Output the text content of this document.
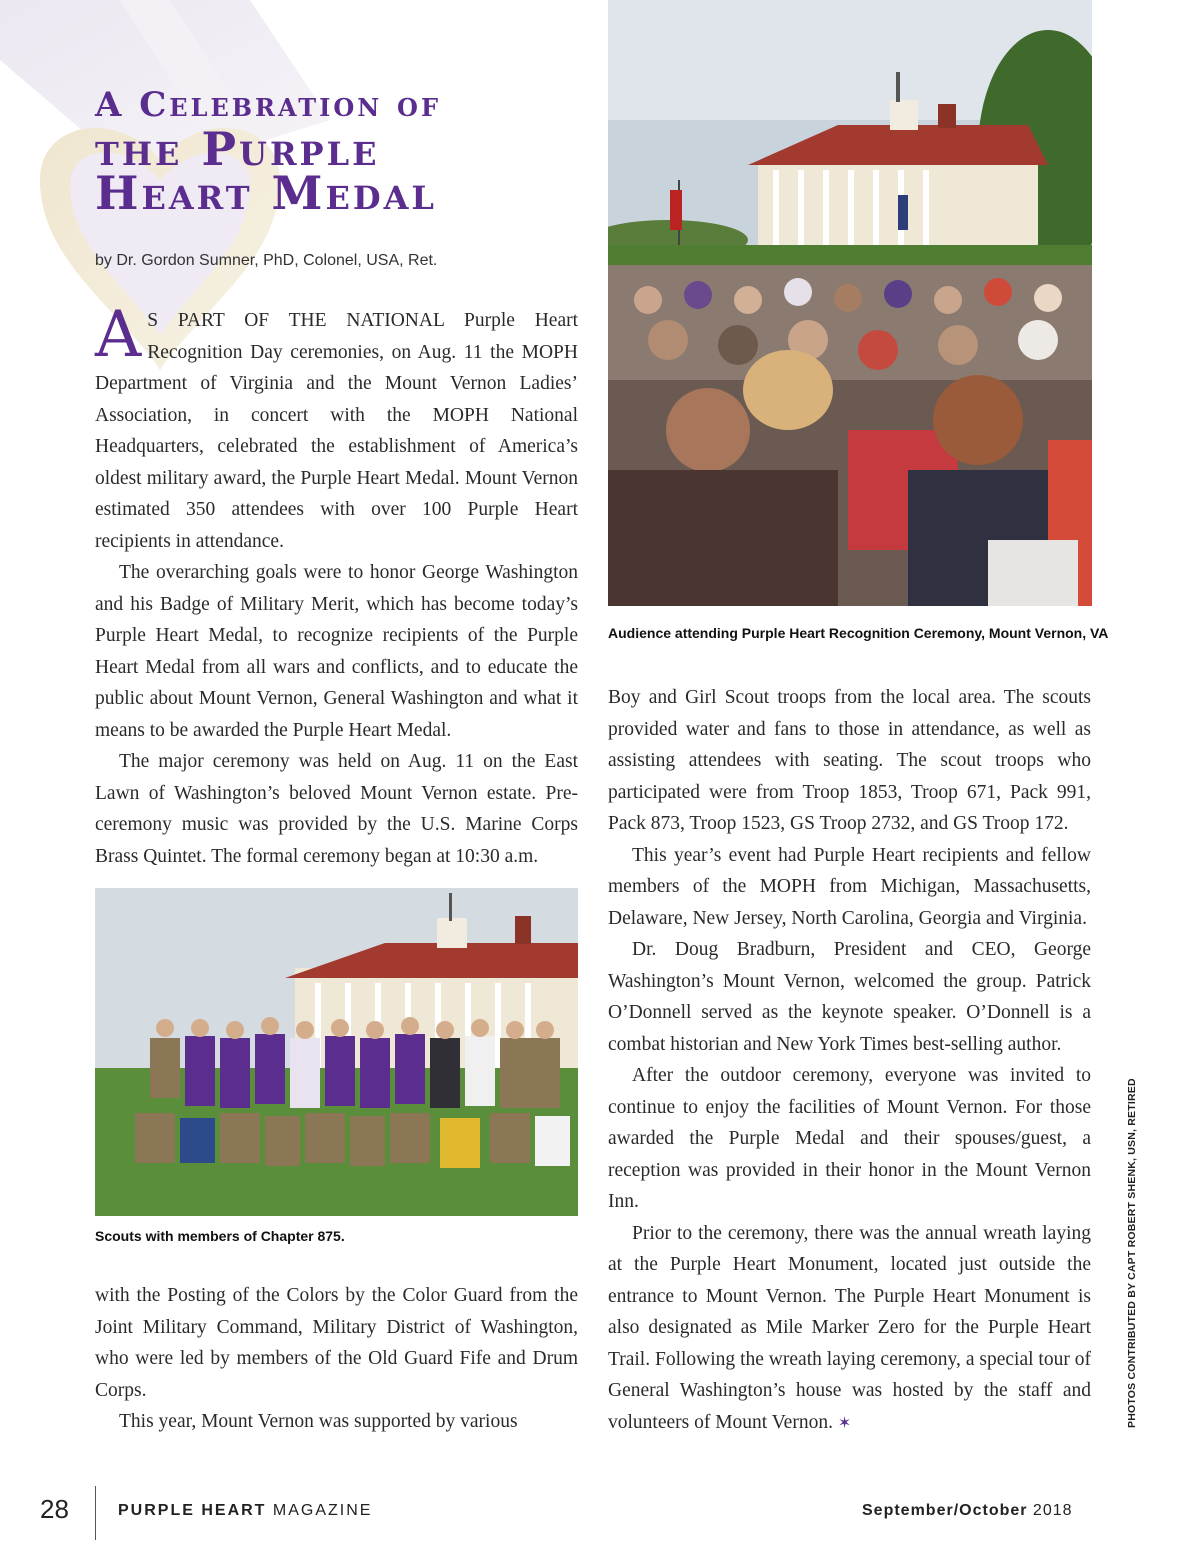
A Celebration of
the Purple
Heart Medal
by Dr. Gordon Sumner, PhD, Colonel, USA, Ret.

AS PART OF THE NATIONAL Purple Heart Recognition Day ceremonies, on Aug. 11 the MOPH Department of Virginia and the Mount Vernon Ladies’ Association, in concert with the MOPH National Headquarters, celebrated the establishment of America’s oldest military award, the Purple Heart Medal. Mount Vernon estimated 350 attendees with over 100 Purple Heart recipients in attendance.

The overarching goals were to honor George Washington and his Badge of Military Merit, which has become today’s Purple Heart Medal, to recognize recipients of the Purple Heart Medal from all wars and conflicts, and to educate the public about Mount Vernon, General Washington and what it means to be awarded the Purple Heart Medal.

The major ceremony was held on Aug. 11 on the East Lawn of Washington’s beloved Mount Vernon estate. Pre-ceremony music was provided by the U.S. Marine Corps Brass Quintet. The formal ceremony began at 10:30 a.m.

with the Posting of the Colors by the Color Guard from the Joint Military Command, Military District of Washington, who were led by members of the Old Guard Fife and Drum Corps.

This year, Mount Vernon was supported by various

Boy and Girl Scout troops from the local area. The scouts provided water and fans to those in attendance, as well as assisting attendees with seating. The scout troops who participated were from Troop 1853, Troop 671, Pack 991, Pack 873, Troop 1523, GS Troop 2732, and GS Troop 172.

This year’s event had Purple Heart recipients and fellow members of the MOPH from Michigan, Massachusetts, Delaware, New Jersey, North Carolina, Georgia and Virginia.

Dr. Doug Bradburn, President and CEO, George Washington’s Mount Vernon, welcomed the group. Patrick O’Donnell served as the keynote speaker. O’Donnell is a combat historian and New York Times best-selling author.

After the outdoor ceremony, everyone was invited to continue to enjoy the facilities of Mount Vernon. For those awarded the Purple Medal and their spouses/guest, a reception was provided in their honor in the Mount Vernon Inn.

Prior to the ceremony, there was the annual wreath laying at the Purple Heart Monument, located just outside the entrance to Mount Vernon. The Purple Heart Monument is also designated as Mile Marker Zero for the Purple Heart Trail. Following the wreath laying ceremony, a special tour of General Washington’s house was hosted by the staff and volunteers of Mount Vernon. ✶

Audience attending Purple Heart Recognition Ceremony, Mount Vernon, VA
Scouts with members of Chapter 875.	PHOTOS CONTRIBUTED BY CAPT ROBERT SHENK, USN, RETIRED
28	PURPLE HEART MAGAZINE	September/October 2018
